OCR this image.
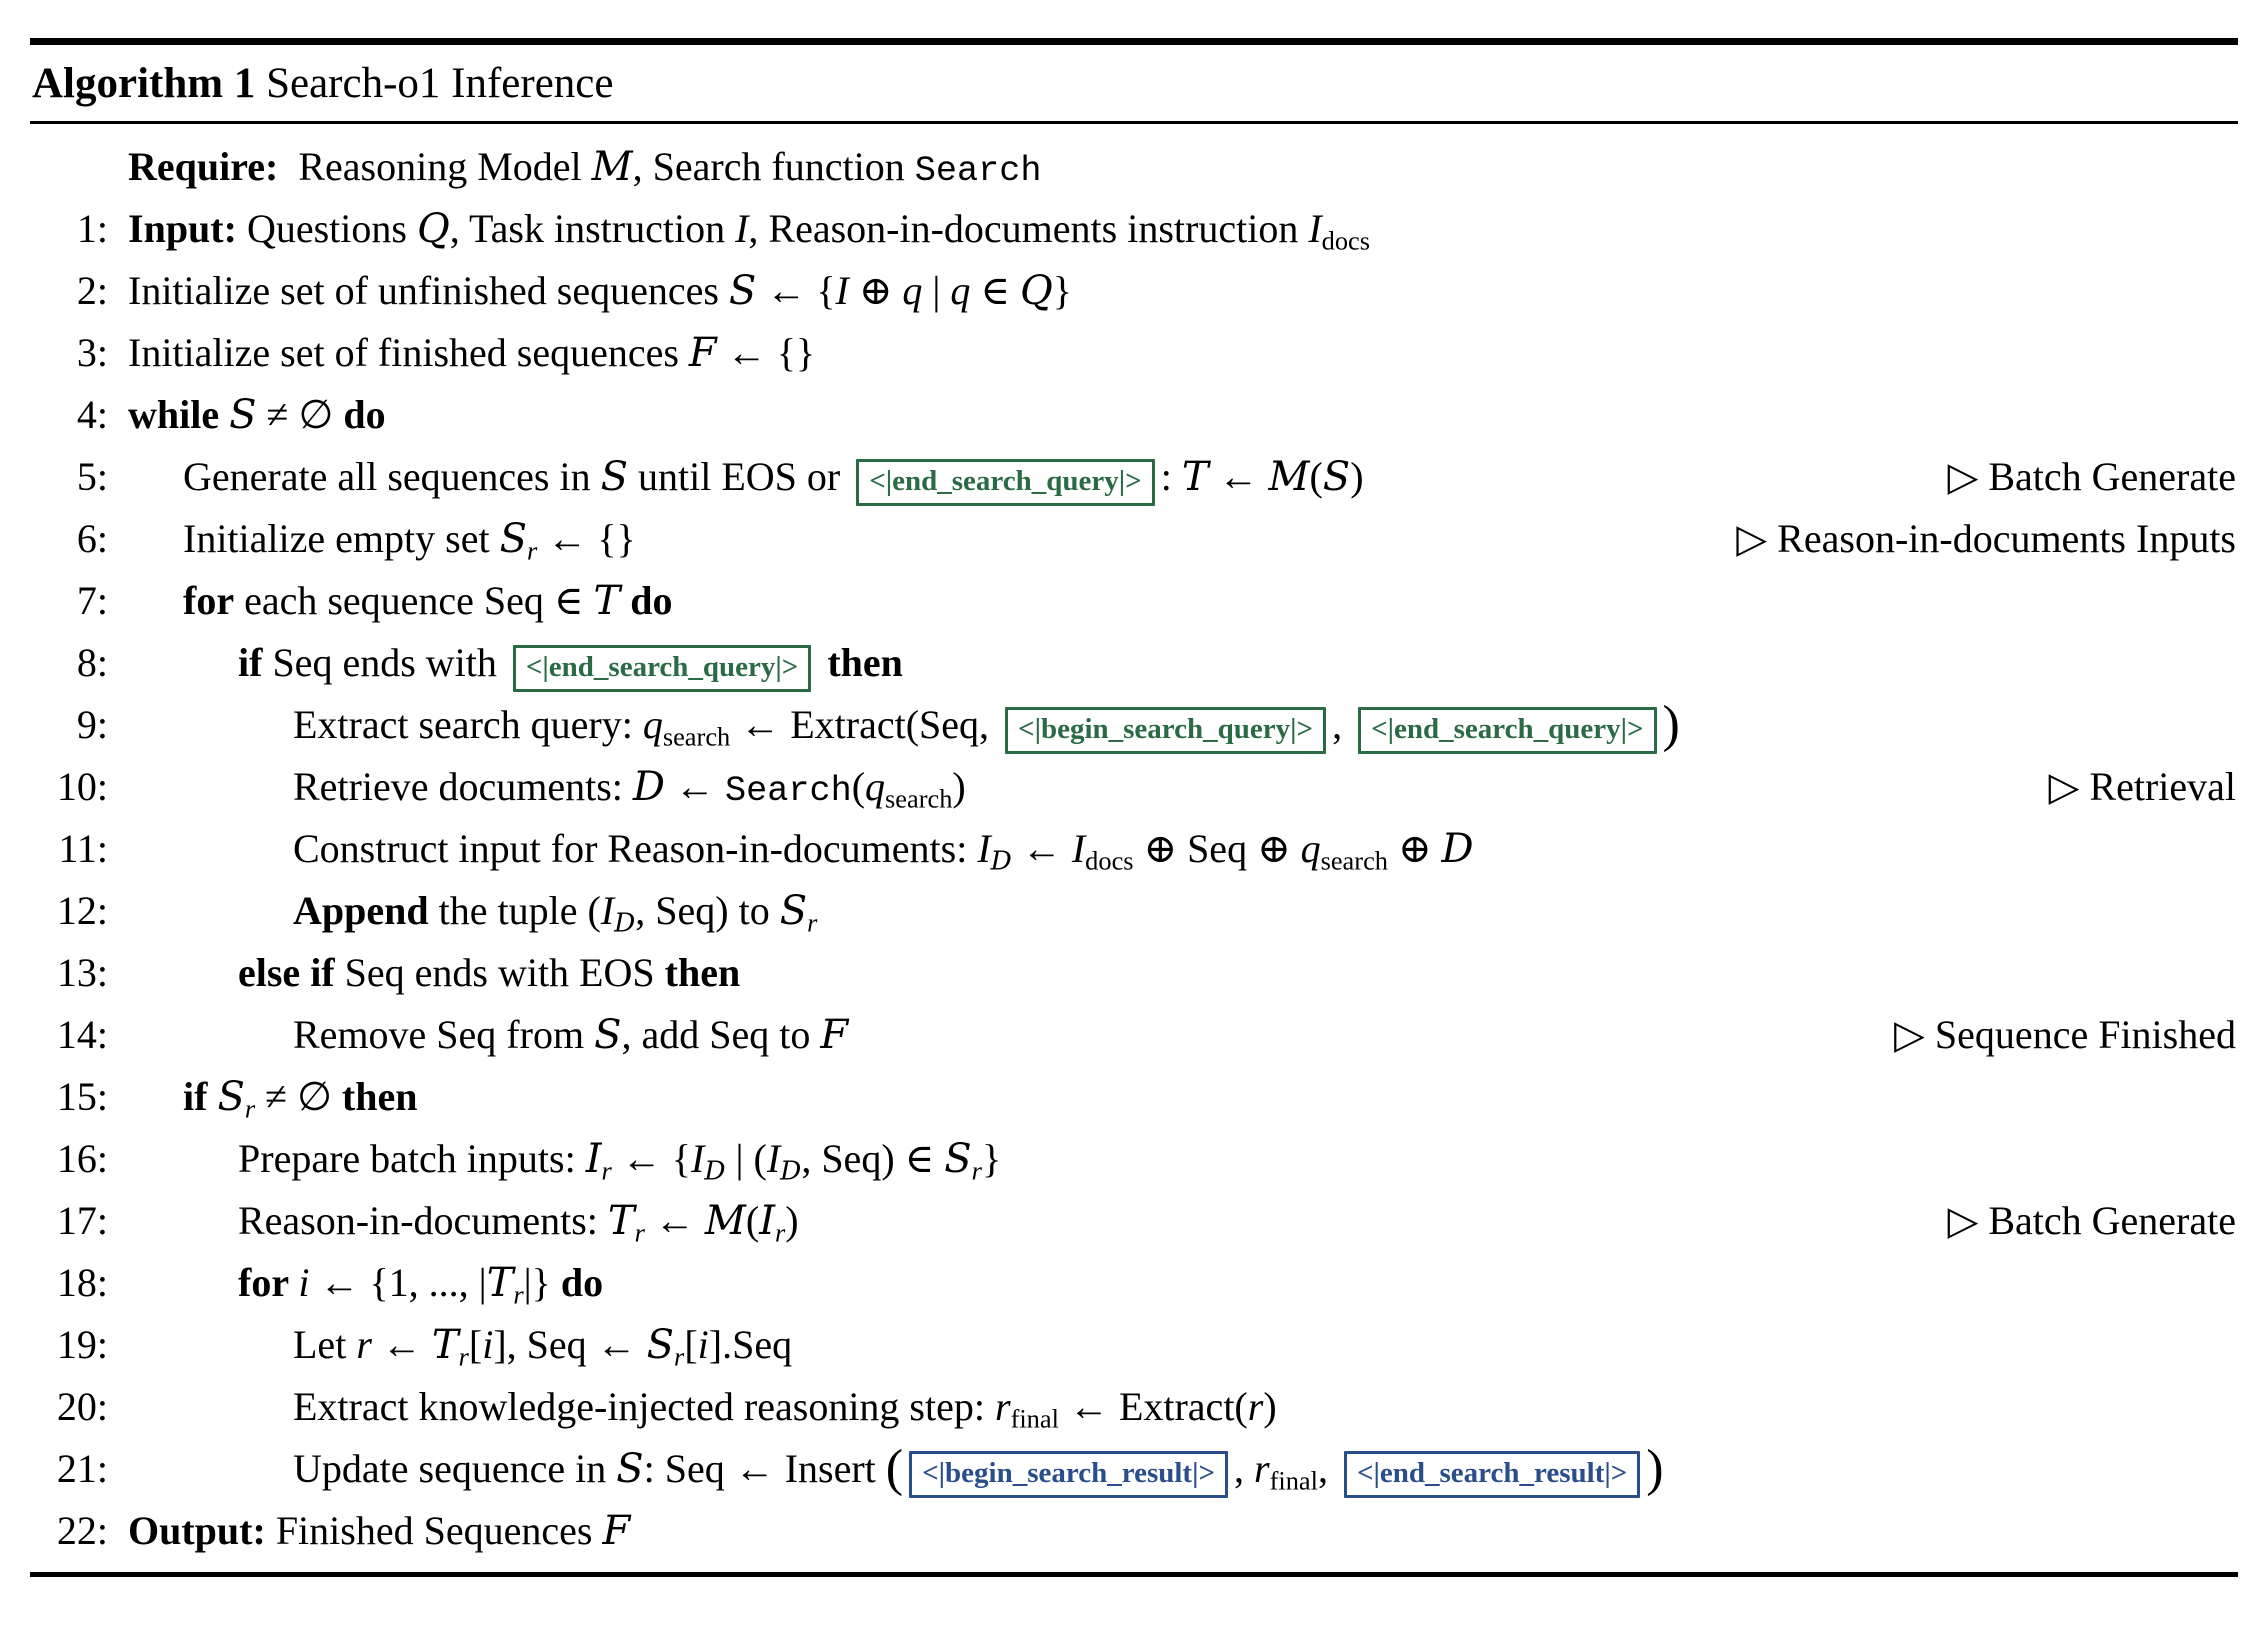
Algorithm 1 Search-o1 Inference
Require:  Reasoning Model M, Search function Search
1: Input: Questions Q, Task instruction I, Reason-in-documents instruction $I_{docs}$
2: Initialize set of unfinished sequences S ← {I ⊕ q | q ∈ Q}
3: Initialize set of finished sequences F ← {}
4: while S ≠ ∅ do
5:	Generate all sequences in S until EOS or <|end_search_query|> : T ← M(S)	▷ Batch Generate
6:	Initialize empty set $S_r$ ← {}	▷ Reason-in-documents Inputs
7:	for each sequence Seq ∈ T do
8:	if Seq ends with <|end_search_query|> then
9:	Extract search query: $q_{search}$ ← Extract(Seq, <|begin_search_query|> , <|end_search_query|> )
10:	Retrieve documents: D ← $Search(q_{search})$	▷ Retrieval
11:	Construct input for Reason-in-documents: $I_D$ ← $I_{docs}$ ⊕ Seq ⊕ $q_{search}$ ⊕ D
12:	Append the tuple ($I_D$, Seq) to $S_r$
13:	else if Seq ends with EOS then
14:	Remove Seq from S, add Seq to F	▷ Sequence Finished
15:	if $S_r$ ≠ ∅ then
16:	Prepare batch inputs: $I_r$ ← {$I_D$ | ($I_D$, Seq) ∈ $S_r$}
17:	Reason-in-documents: $T_r$ ← $M(I_r)$	▷ Batch Generate
18:	for i ← {1, ..., $|T_r|$} do
19:	Let r ← $T_r[i]$, Seq ← $S_r[i].Seq$
20:	Extract knowledge-injected reasoning step: $r_{final}$ ← Extract(r)
21:	Update sequence in S: Seq ← Insert ( <|begin_search_result|> , $r_{final}$, <|end_search_result|> )
22: Output: Finished Sequences F
